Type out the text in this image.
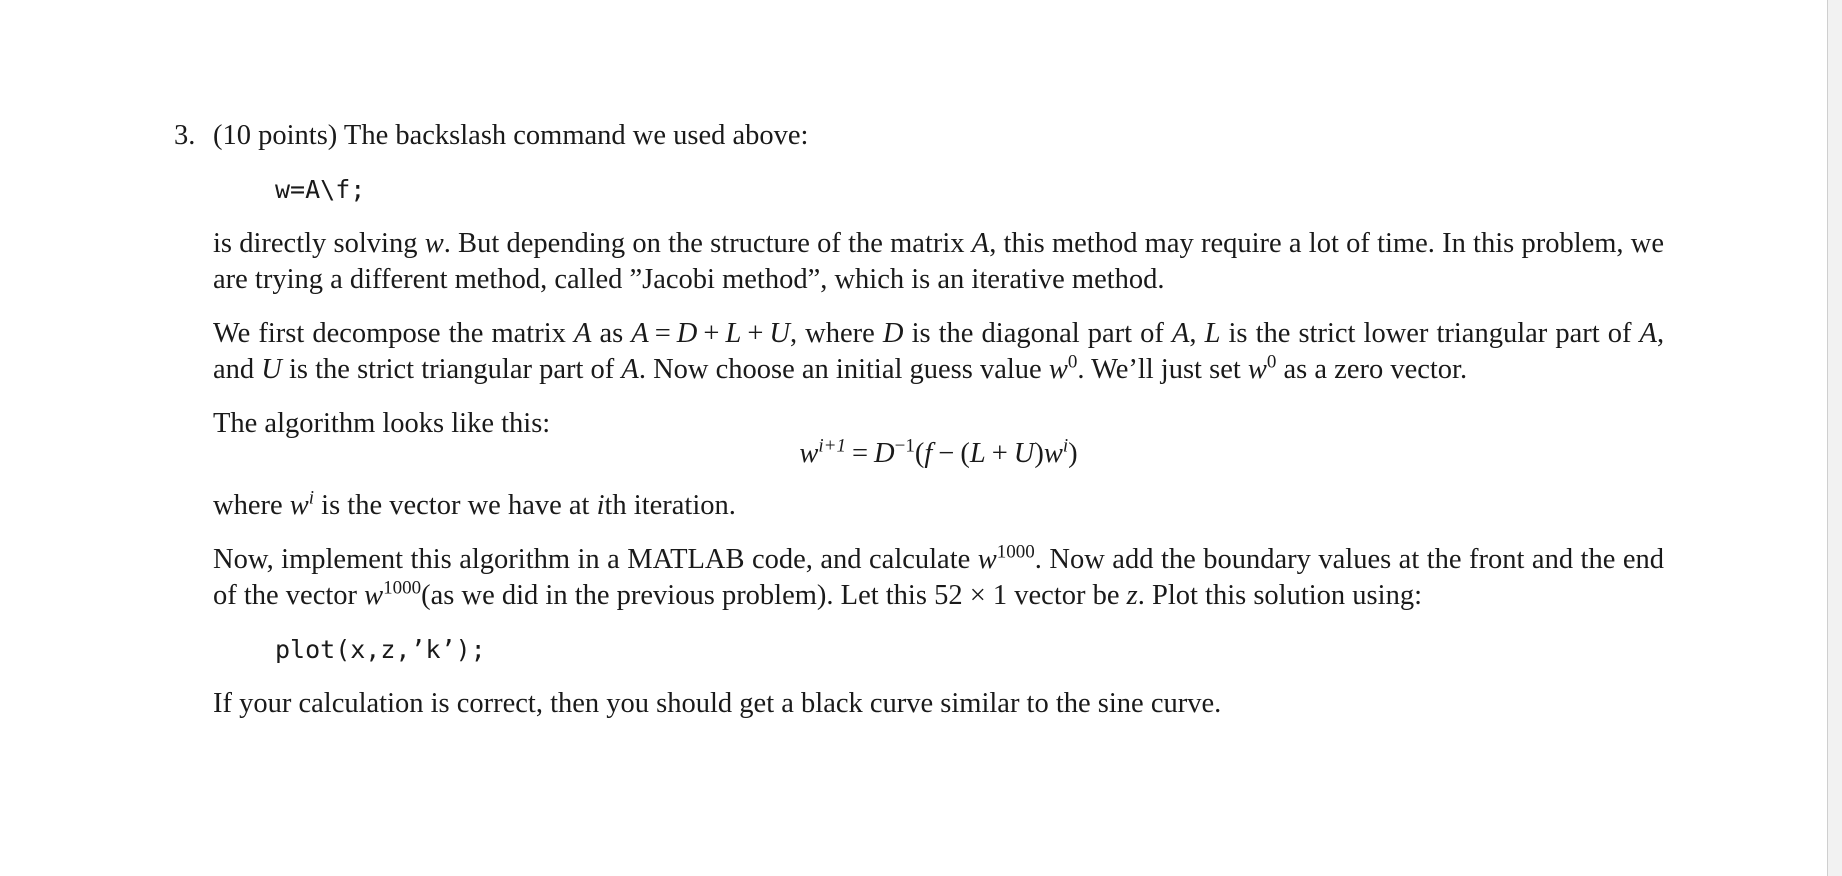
3. (10 points) The backslash command we used above:

w=A\f;

is directly solving w. But depending on the structure of the matrix A, this method may require a lot of time. In this problem, we are trying a different method, called ”Jacobi method”, which is an iterative method.

We first decompose the matrix A as A = D + L + U, where D is the diagonal part of A, L is the strict lower triangular part of A, and U is the strict triangular part of A. Now choose an initial guess value $w^0$. We’ll just set $w^0$ as a zero vector.

The algorithm looks like this:

$w^{i+1} = D^{-1}(f - (L + U)w^i)$

where $w^i$ is the vector we have at ith iteration.

Now, implement this algorithm in a MATLAB code, and calculate $w^{1000}$. Now add the boundary values at the front and the end of the vector $w^{1000}(as$ we did in the previous problem). Let this 52 × 1 vector be z. Plot this solution using:

plot(x,z,’k’);

If your calculation is correct, then you should get a black curve similar to the sine curve.
